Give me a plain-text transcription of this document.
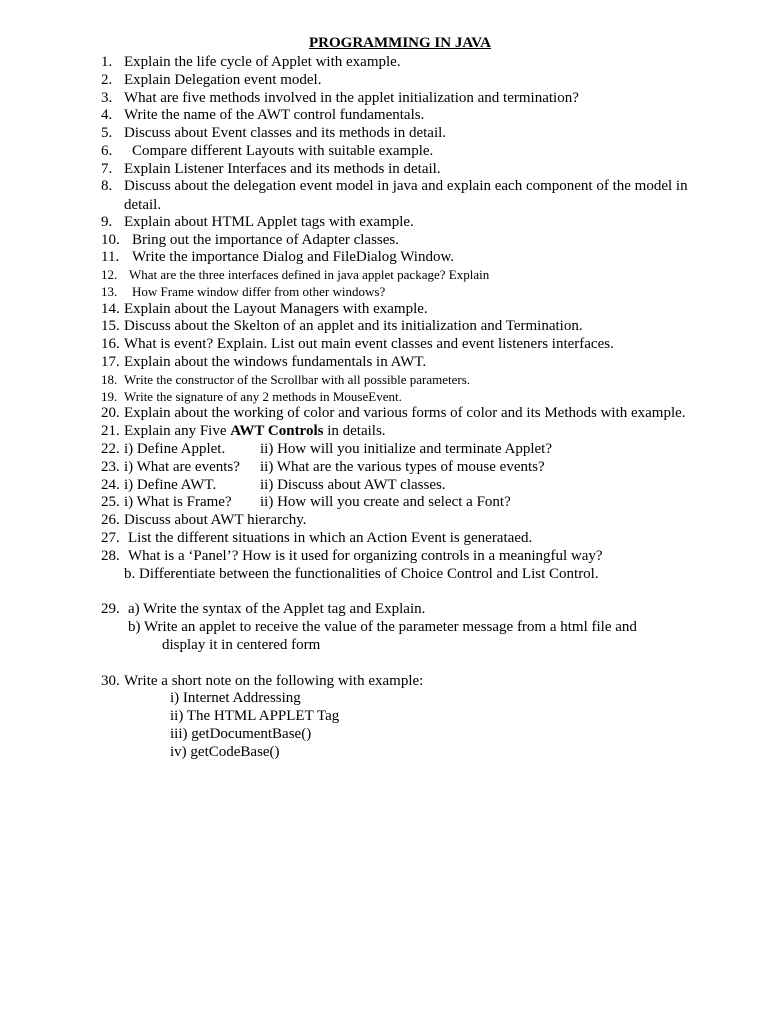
PROGRAMMING IN JAVA
1. Explain the life cycle of Applet with example.
2. Explain Delegation event model.
3. What are five methods involved in the applet initialization and termination?
4. Write the name of the AWT control fundamentals.
5. Discuss about Event classes and its methods in detail.
6. Compare different Layouts with suitable example.
7. Explain Listener Interfaces and its methods in detail.
8. Discuss about the delegation event model in java and explain each component of the model in
detail.
9. Explain about HTML Applet tags with example.
10. Bring out the importance of Adapter classes.
11. Write the importance Dialog and FileDialog Window.
12. What are the three interfaces defined in java applet package? Explain
13. How Frame window differ from other windows?
14. Explain about the Layout Managers with example.
15. Discuss about the Skelton of an applet and its initialization and Termination.
16. What is event? Explain. List out main event classes and event listeners interfaces.
17. Explain about the windows fundamentals in AWT.
18. Write the constructor of the Scrollbar with all possible parameters.
19. Write the signature of any 2 methods in MouseEvent.
20. Explain about the working of color and various forms of color and its Methods with example.
21. Explain any Five AWT Controls in details.
22. i) Define Applet. ii) How will you initialize and terminate Applet?
23. i) What are events? ii) What are the various types of mouse events?
24. i) Define AWT.	ii) Discuss about AWT classes.
25. i) What is Frame? ii) How will you create and select a Font?
26. Discuss about AWT hierarchy.
27. List the different situations in which an Action Event is generataed.
28. What is a ‘Panel’? How is it used for organizing controls in a meaningful way?
b. Differentiate between the functionalities of Choice Control and List Control.
29. a) Write the syntax of the Applet tag and Explain.
b) Write an applet to receive the value of the parameter message from a html file and
display it in centered form
30. Write a short note on the following with example:
i) Internet Addressing
ii) The HTML APPLET Tag
iii) getDocumentBase()
iv) getCodeBase()
